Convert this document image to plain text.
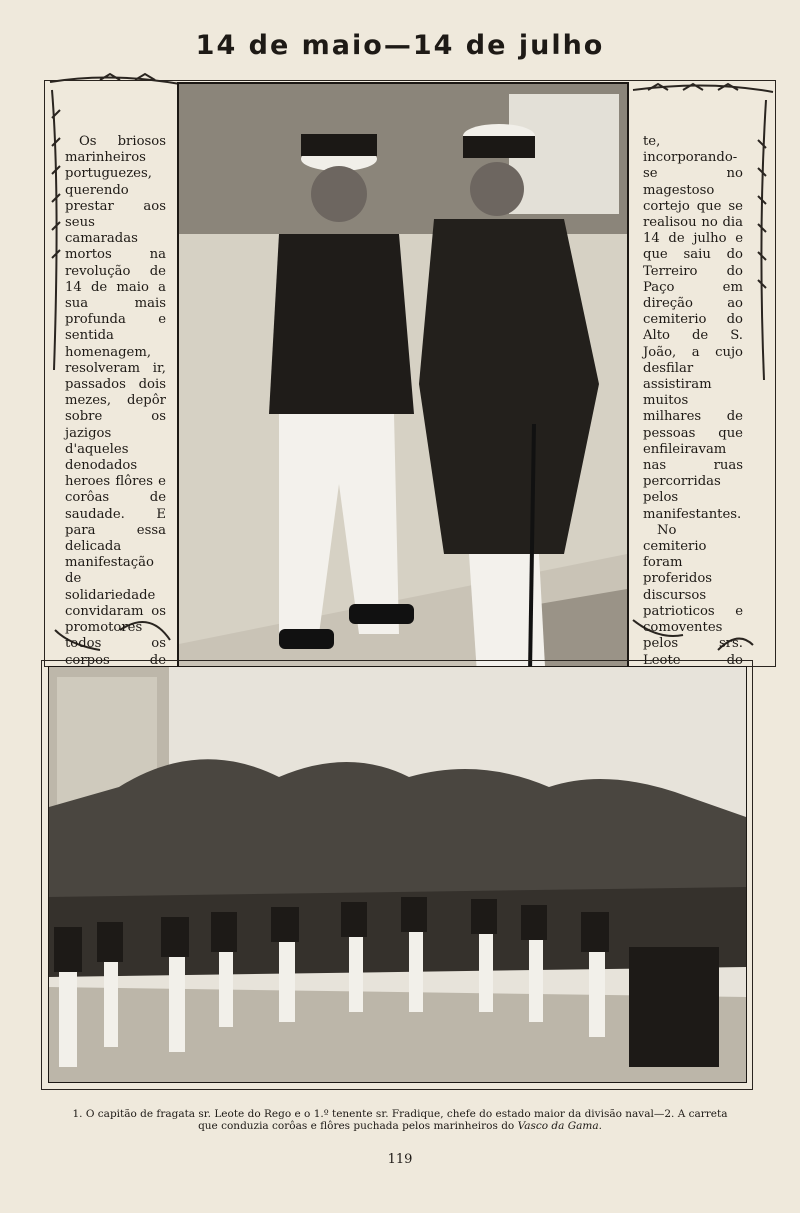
14 de maio—14 de julho

Os briosos marinheiros portuguezes, querendo prestar aos seus camaradas mortos na revolução de 14 de maio a sua mais profunda e sentida homenagem, resolveram ir, passados dois mezes, depôr sobre os jazigos d'aqueles denodados heroes flôres e corôas de saudade. E para essa delicada manifestação de solidariedade convidaram os promotores todos os corpos de

te, incorporando-se no magestoso cortejo que se realisou no dia 14 de julho e que saiu do Terreiro do Paço em direção ao cemiterio do Alto de S. João, a cujo desfilar assistiram muitos milhares de pessoas que enfileiravam nas ruas percorridas pelos manifestantes.

No cemiterio foram proferidos discursos patrioticos e comoventes pelos srs. Leote do

1. O capitão de fragata sr. Leote do Rego e o 1.º tenente sr. Fradique, chefe do estado maior da divisão naval—2. A carreta
que conduzia corôas e flôres puchada pelos marinheiros do Vasco da Gama.
119
